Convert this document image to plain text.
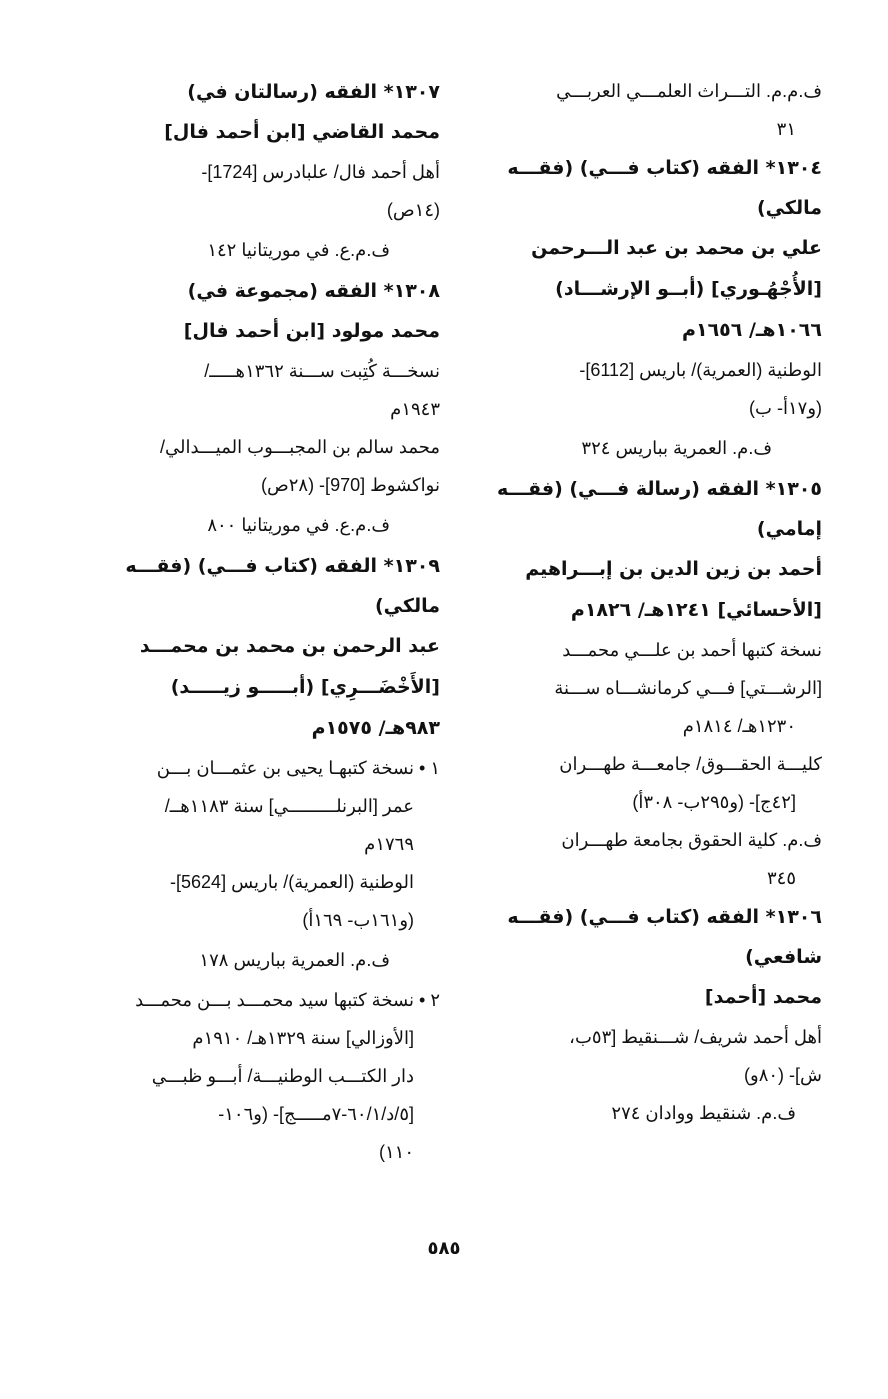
ف.م.م. التـــراث العلمـــي العربـــي
٣١
١٣٠٤* الفقه (كتاب فـــي) (فقـــه
مالكي)
علي بن محمد بن عبد الـــرحمن
[الأُجْهُـوري] (أبــو الإرشـــاد)
١٠٦٦هـ/ ١٦٥٦م
الوطنية (العمرية)/ باريس [6112]-
(و١٧أ- ب)
ف.م. العمرية بباريس ٣٢٤
١٣٠٥* الفقه (رسالة فـــي) (فقـــه
إمامي)
أحمد بن زين الدين بن إبـــراهيم
[الأحسائي] ١٢٤١هـ/ ١٨٢٦م
نسخة كتبها أحمد بن علـــي محمـــد
[الرشـــتي] فـــي كرمانشـــاه ســـنة
١٢٣٠هـ/ ١٨١٤م
كليـــة الحقـــوق/ جامعـــة طهـــران
[٤٢ج]- (و٢٩٥ب- ٣٠٨أ)
ف.م. كلية الحقوق بجامعة طهـــران
٣٤٥
١٣٠٦* الفقه (كتاب فـــي) (فقـــه
شافعي)
محمد [أحمد]
أهل أحمد شريف/ شـــنقيط [٥٣ب،
ش]- (٨٠و)
ف.م. شنقيط ووادان ٢٧٤
١٣٠٧* الفقه (رسالتان في)
محمد القاضي [ابن أحمد فال]
أهل أحمد فال/ علبادرس [1724]-
(١٤ص)
ف.م.ع. في موريتانيا ١٤٢
١٣٠٨* الفقه (مجموعة في)
محمد مولود [ابن أحمد فال]
نسخـــة كُتِبت ســـنة ١٣٦٢هـــــ/
١٩٤٣م
محمد سالم بن المجبـــوب الميـــدالي/
نواكشوط [970]- (٢٨ص)
ف.م.ع. في موريتانيا ٨٠٠
١٣٠٩* الفقه (كتاب فـــي) (فقـــه
مالكي)
عبد الرحمن بن محمد بن محمـــد
[الأَخْضَـــرِي] (أبـــــو زيـــــد)
٩٨٣هـ/ ١٥٧٥م
١ • نسخة كتبهـا يحيى بن عثمـــان بـــن
عمر [البرنلـــــــــي] سنة ١١٨٣هــ/
١٧٦٩م
الوطنية (العمرية)/ باريس [5624]-
(و١٦١ب- ١٦٩أ)
ف.م. العمرية بباريس ١٧٨
٢ • نسخة كتبها سيد محمـــد بـــن محمـــد
[الأوزالي] سنة ١٣٢٩هـ/ ١٩١٠م
دار الكتـــب الوطنيـــة/ أبـــو ظبـــي
[٥/د/٦٠/١-٧مـــــج]- (و١٠٦-
١١٠)
٥٨٥
